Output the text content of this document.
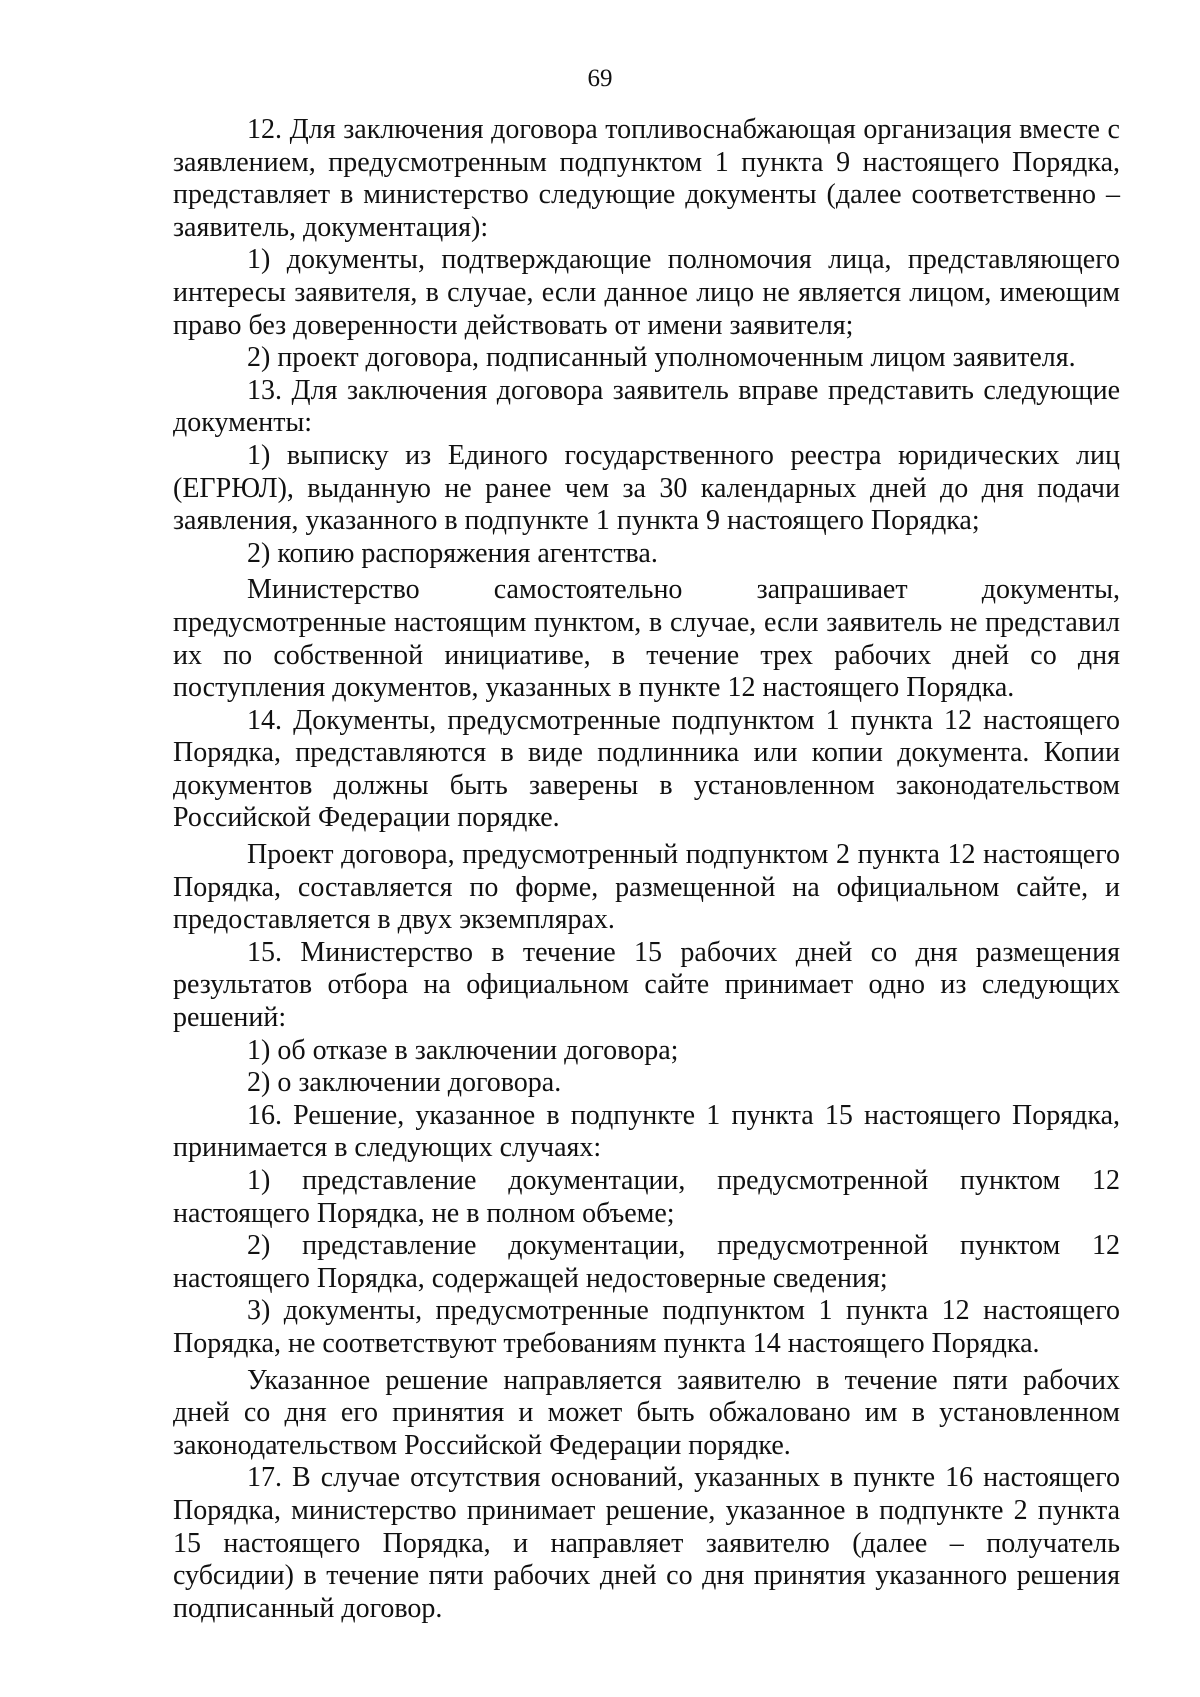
69

12. Для заключения договора топливоснабжающая организация вместе с заявлением, предусмотренным подпунктом 1 пункта 9 настоящего Порядка, представляет в министерство следующие документы (далее соответственно – заявитель, документация):

1) документы, подтверждающие полномочия лица, представляющего интересы заявителя, в случае, если данное лицо не является лицом, имеющим право без доверенности действовать от имени заявителя;

2) проект договора, подписанный уполномоченным лицом заявителя.

13. Для заключения договора заявитель вправе представить следующие документы:

1) выписку из Единого государственного реестра юридических лиц (ЕГРЮЛ), выданную не ранее чем за 30 календарных дней до дня подачи заявления, указанного в подпункте 1 пункта 9 настоящего Порядка;

2) копию распоряжения агентства.

Министерство самостоятельно запрашивает документы, предусмотренные настоящим пунктом, в случае, если заявитель не представил их по собственной инициативе, в течение трех рабочих дней со дня поступления документов, указанных в пункте 12 настоящего Порядка.

14. Документы, предусмотренные подпунктом 1 пункта 12 настоящего Порядка, представляются в виде подлинника или копии документа. Копии документов должны быть заверены в установленном законодательством Российской Федерации порядке.

Проект договора, предусмотренный подпунктом 2 пункта 12 настоящего Порядка, составляется по форме, размещенной на официальном сайте, и предоставляется в двух экземплярах.

15. Министерство в течение 15 рабочих дней со дня размещения результатов отбора на официальном сайте принимает одно из следующих решений:

1) об отказе в заключении договора;

2) о заключении договора.

16. Решение, указанное в подпункте 1 пункта 15 настоящего Порядка, принимается в следующих случаях:

1) представление документации, предусмотренной пунктом 12 настоящего Порядка, не в полном объеме;

2) представление документации, предусмотренной пунктом 12 настоящего Порядка, содержащей недостоверные сведения;

3) документы, предусмотренные подпунктом 1 пункта 12 настоящего Порядка, не соответствуют требованиям пункта 14 настоящего Порядка.

Указанное решение направляется заявителю в течение пяти рабочих дней со дня его принятия и может быть обжаловано им в установленном законодательством Российской Федерации порядке.

17. В случае отсутствия оснований, указанных в пункте 16 настоящего Порядка, министерство принимает решение, указанное в подпункте 2 пункта 15 настоящего Порядка, и направляет заявителю (далее – получатель субсидии) в течение пяти рабочих дней со дня принятия указанного решения подписанный договор.
